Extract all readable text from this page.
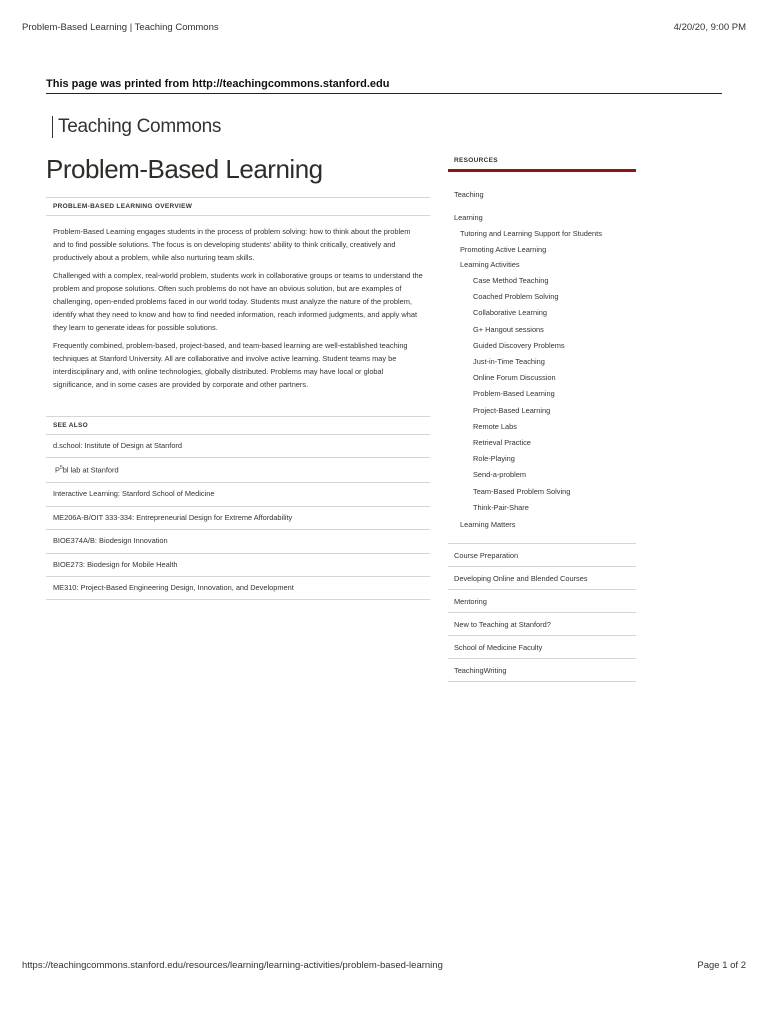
Problem-Based Learning | Teaching Commons	4/20/20, 9:00 PM
This page was printed from http://teachingcommons.stanford.edu
Teaching Commons
Problem-Based Learning
PROBLEM-BASED LEARNING OVERVIEW

Problem-Based Learning engages students in the process of problem solving: how to think about the problem and to find possible solutions. The focus is on developing students' ability to think critically, creatively and productively about a problem, while also nurturing team skills.

Challenged with a complex, real-world problem, students work in collaborative groups or teams to understand the problem and propose solutions. Often such problems do not have an obvious solution, but are examples of challenging, open-ended problems faced in our world today. Students must analyze the nature of the problem, identify what they need to know and how to find needed information, reach informed judgments, and apply what they learn to generate ideas for possible solutions.

Frequently combined, problem-based, project-based, and team-based learning are well-established teaching techniques at Stanford University. All are collaborative and involve active learning. Student teams may be interdisciplinary and, with online technologies, globally distributed. Problems may have local or global significance, and in some cases are provided by corporate and other partners.

SEE ALSO
d.school: Institute of Design at Stanford
$P^5bl$ lab at Stanford
Interactive Learning: Stanford School of Medicine
ME206A-B/OIT 333-334: Entrepreneurial Design for Extreme Affordability
BIOE374A/B: Biodesign Innovation
BIOE273: Biodesign for Mobile Health
ME310: Project-Based Engineering Design, Innovation, and Development
RESOURCES
Teaching
Learning
Tutoring and Learning Support for Students
Promoting Active Learning
Learning Activities
Case Method Teaching
Coached Problem Solving
Collaborative Learning
G+ Hangout sessions
Guided Discovery Problems
Just-in-Time Teaching
Online Forum Discussion
Problem-Based Learning
Project-Based Learning
Remote Labs
Retrieval Practice
Role-Playing
Send-a-problem
Team-Based Problem Solving
Think-Pair-Share
Learning Matters
Course Preparation
Developing Online and Blended Courses
Mentoring
New to Teaching at Stanford?
School of Medicine Faculty
TeachingWriting
https://teachingcommons.stanford.edu/resources/learning/learning-activities/problem-based-learning	Page 1 of 2
